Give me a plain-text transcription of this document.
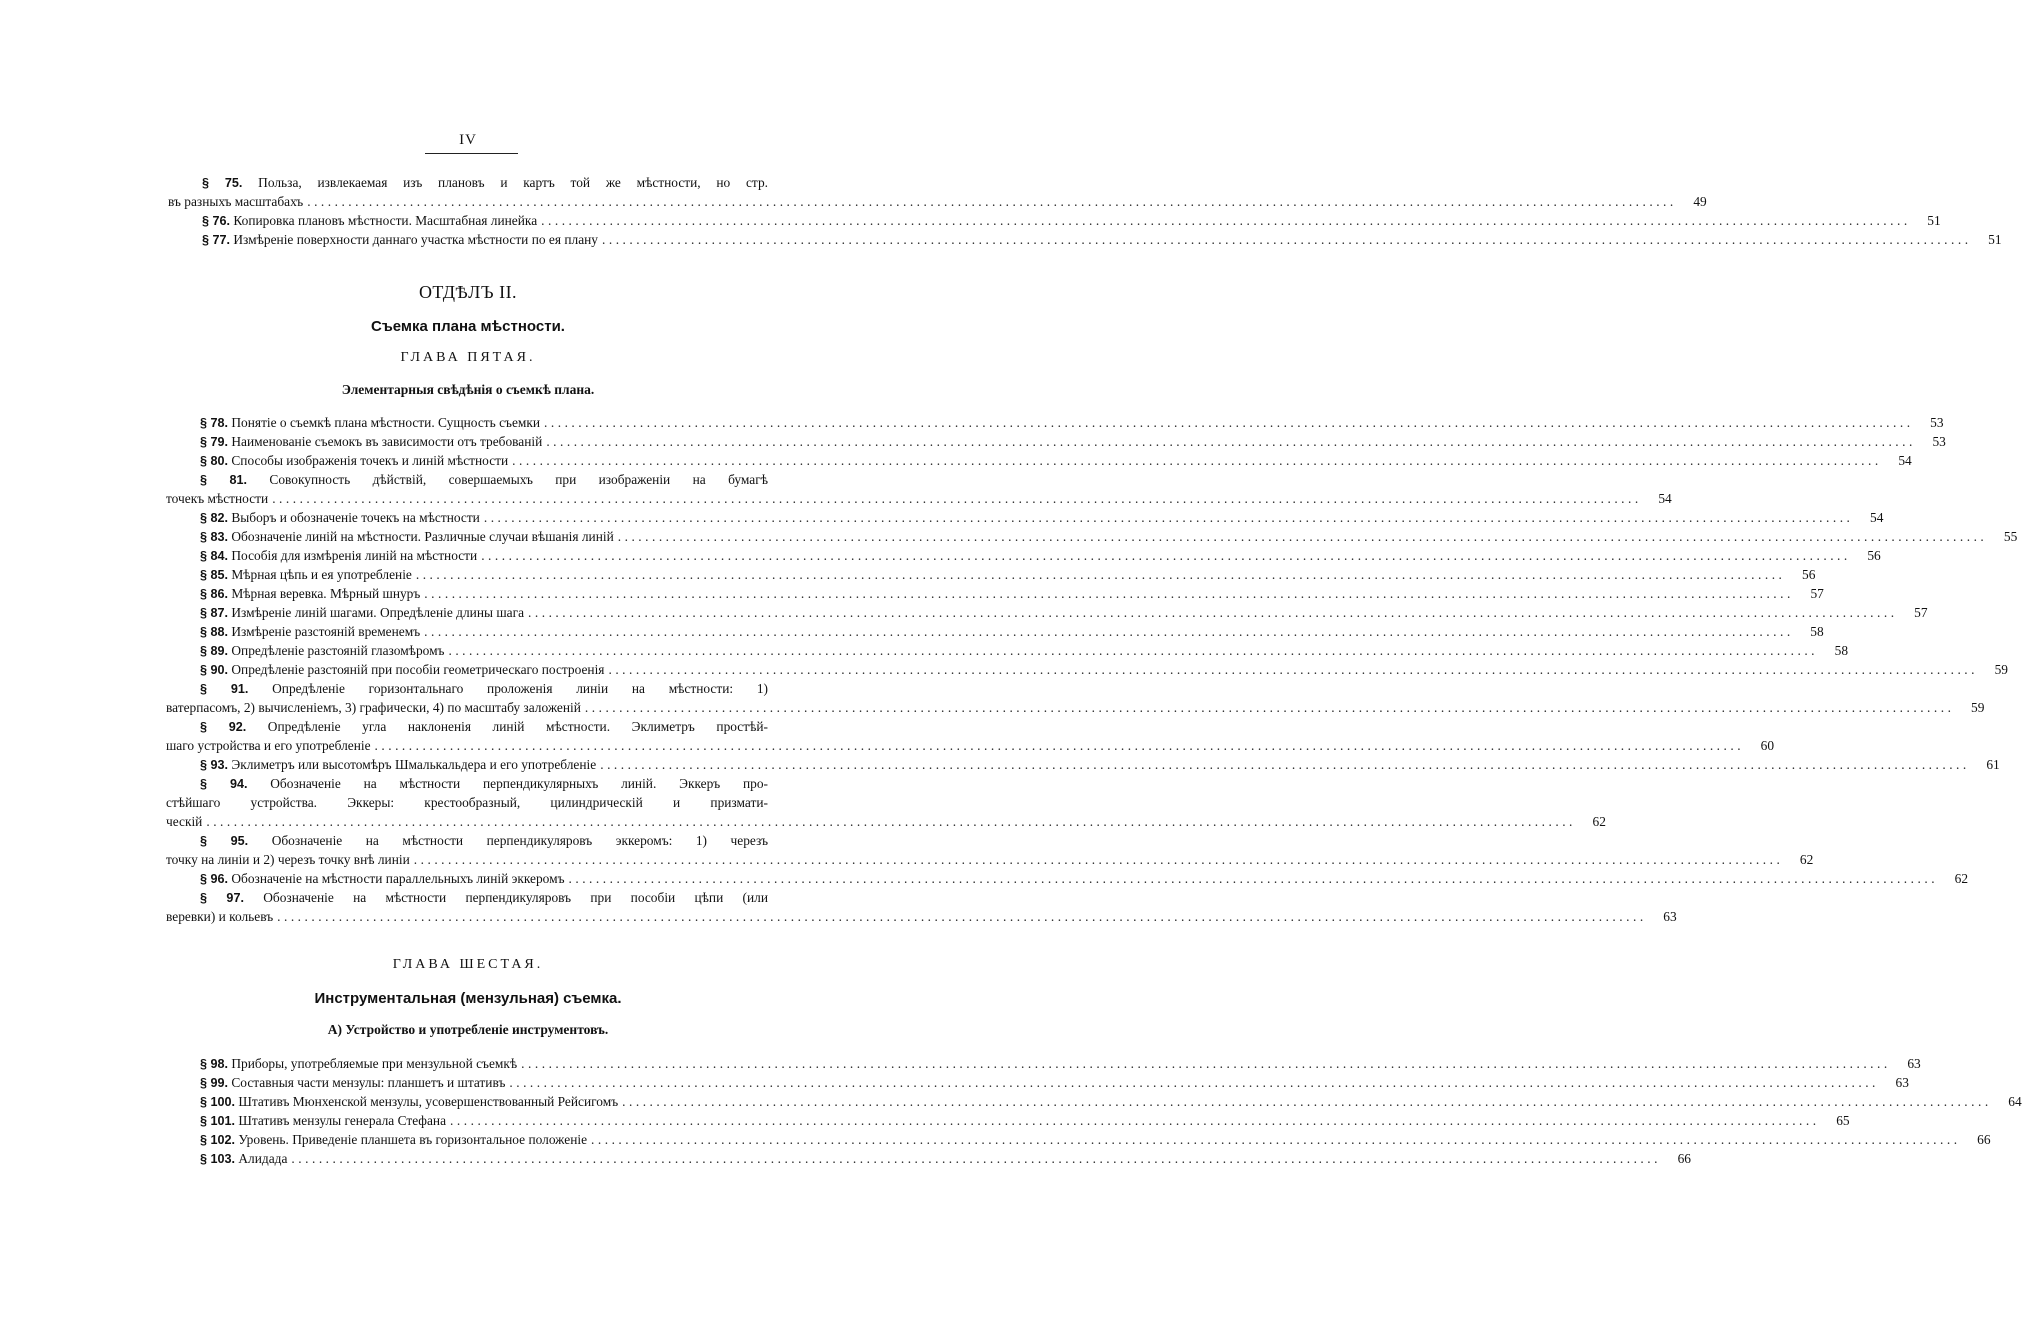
IV
§ 75. Польза, извлекаемая изъ плановъ и картъ той же мѣстности, но стр.
въ разныхъ масштабахъ ........................................................................................................................................................................................................	49
§ 76. Копировка плановъ мѣстности. Масштабная линейка ........................................................................................................................................................................................................	51
§ 77. Измѣреніе поверхности даннаго участка мѣстности по ея плану ........................................................................................................................................................................................................	51
ОТДѢЛЪ II.
Съемка плана мѣстности.
ГЛАВА ПЯТАЯ.
Элементарныя свѣдѣнія о съемкѣ плана.
§ 78. Понятіе о съемкѣ плана мѣстности. Сущность съемки ........................................................................................................................................................................................................	53
§ 79. Наименованіе съемокъ въ зависимости отъ требованій ........................................................................................................................................................................................................	53
§ 80. Способы изображенія точекъ и линій мѣстности ........................................................................................................................................................................................................	54
§ 81. Совокупность дѣйствій, совершаемыхъ при изображеніи на бумагѣ
точекъ мѣстности ........................................................................................................................................................................................................	54
§ 82. Выборъ и обозначеніе точекъ на мѣстности ........................................................................................................................................................................................................	54
§ 83. Обозначеніе линій на мѣстности. Различные случаи вѣшанія линій ........................................................................................................................................................................................................	55
§ 84. Пособія для измѣренія линій на мѣстности ........................................................................................................................................................................................................	56
§ 85. Мѣрная цѣпь и ея употребленіе ........................................................................................................................................................................................................	56
§ 86. Мѣрная веревка. Мѣрный шнуръ ........................................................................................................................................................................................................	57
§ 87. Измѣреніе линій шагами. Опредѣленіе длины шага ........................................................................................................................................................................................................	57
§ 88. Измѣреніе разстояній временемъ ........................................................................................................................................................................................................	58
§ 89. Опредѣленіе разстояній глазомѣромъ ........................................................................................................................................................................................................	58
§ 90. Опредѣленіе разстояній при пособіи геометрическаго построенія ........................................................................................................................................................................................................	59
§ 91. Опредѣленіе горизонтальнаго проложенія линіи на мѣстности: 1)
ватерпасомъ, 2) вычисленіемъ, 3) графически, 4) по масштабу заложеній ........................................................................................................................................................................................................	59
§ 92. Опредѣленіе угла наклоненія линій мѣстности. Эклиметръ простѣй-
шаго устройства и его употребленіе ........................................................................................................................................................................................................	60
§ 93. Эклиметръ или высотомѣръ Шмалькальдера и его употребленіе ........................................................................................................................................................................................................	61
§ 94. Обозначеніе на мѣстности перпендикулярныхъ линій. Эккеръ про-
стѣйшаго устройства. Эккеры: крестообразный, цилиндрическій и призмати-
ческій ........................................................................................................................................................................................................	62
§ 95. Обозначеніе на мѣстности перпендикуляровъ эккеромъ: 1) черезъ
точку на линіи и 2) черезъ точку внѣ линіи ........................................................................................................................................................................................................	62
§ 96. Обозначеніе на мѣстности параллельныхъ линій эккеромъ ........................................................................................................................................................................................................	62
§ 97. Обозначеніе на мѣстности перпендикуляровъ при пособіи цѣпи (или
веревки) и кольевъ ........................................................................................................................................................................................................	63
ГЛАВА ШЕСТАЯ.
Инструментальная (мензульная) съемка.
А) Устройство и употребленіе инструментовъ.
§ 98. Приборы, употребляемые при мензульной съемкѣ ........................................................................................................................................................................................................	63
§ 99. Составныя части мензулы: планшетъ и штативъ ........................................................................................................................................................................................................	63
§ 100. Штативъ Мюнхенской мензулы, усовершенствованный Рейсигомъ ........................................................................................................................................................................................................	64
§ 101. Штативъ мензулы генерала Стефана ........................................................................................................................................................................................................	65
§ 102. Уровень. Приведеніе планшета въ горизонтальное положеніе ........................................................................................................................................................................................................	66
§ 103. Алидада ........................................................................................................................................................................................................	66
